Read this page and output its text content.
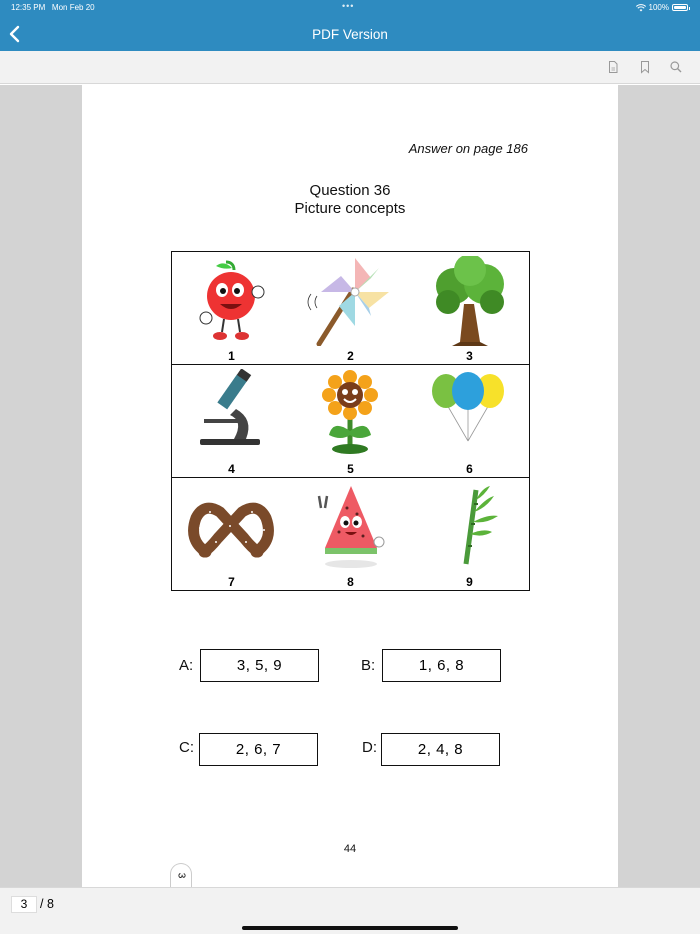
12:35 PM Mon Feb 20	•••	100%
PDF Version
Answer on page 186
Question 36
Picture concepts
1	2	3
4	5	6
7	8	9
A:	3, 5, 9	B:	1, 6, 8
C:	2, 6, 7	D:	2, 4, 8
44
3
3	/ 8
